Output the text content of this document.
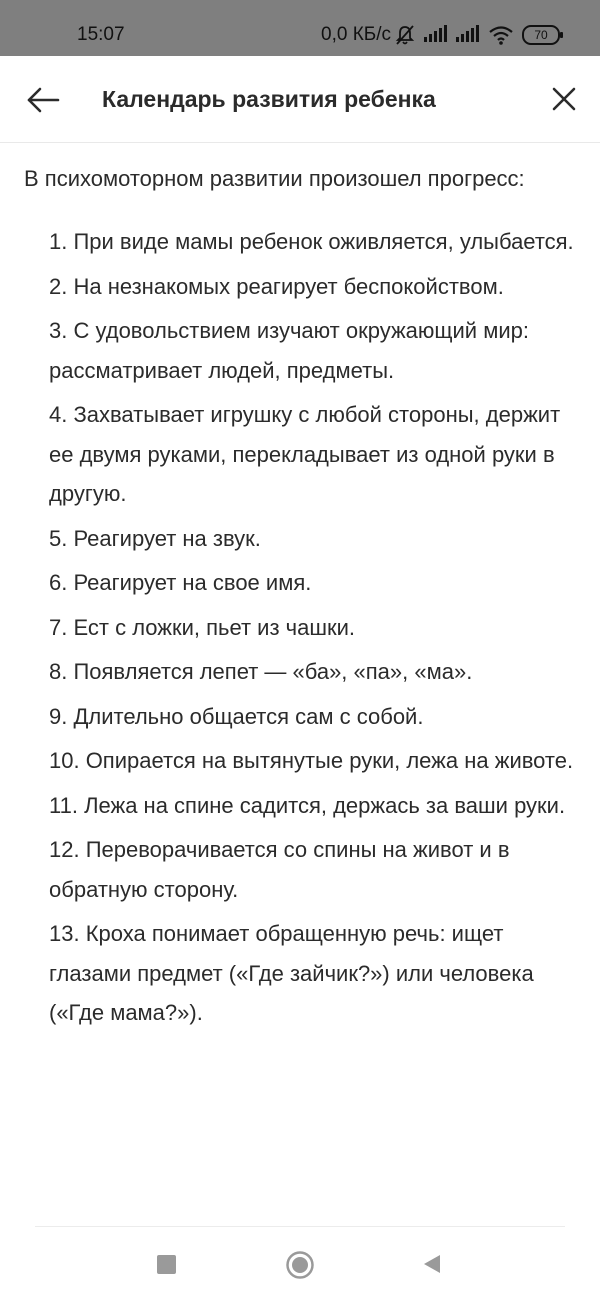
15:07	0,0 КБ/с	70
Календарь развития ребенка

В психомоторном развитии произошел прогресс:

1. При виде мамы ребенок оживляется, улыбается.
2. На незнакомых реагирует беспокойством.
3. С удовольствием изучают окружающий мир: рассматривает людей, предметы.
4. Захватывает игрушку с любой стороны, держит ее двумя руками, перекладывает из одной руки в другую.
5. Реагирует на звук.
6. Реагирует на свое имя.
7. Ест с ложки, пьет из чашки.
8. Появляется лепет — «ба», «па», «ма».
9. Длительно общается сам с собой.
10. Опирается на вытянутые руки, лежа на животе.
11. Лежа на спине садится, держась за ваши руки.
12. Переворачивается со спины на живот и в обратную сторону.
13. Кроха понимает обращенную речь: ищет глазами предмет («Где зайчик?») или человека («Где мама?»).
